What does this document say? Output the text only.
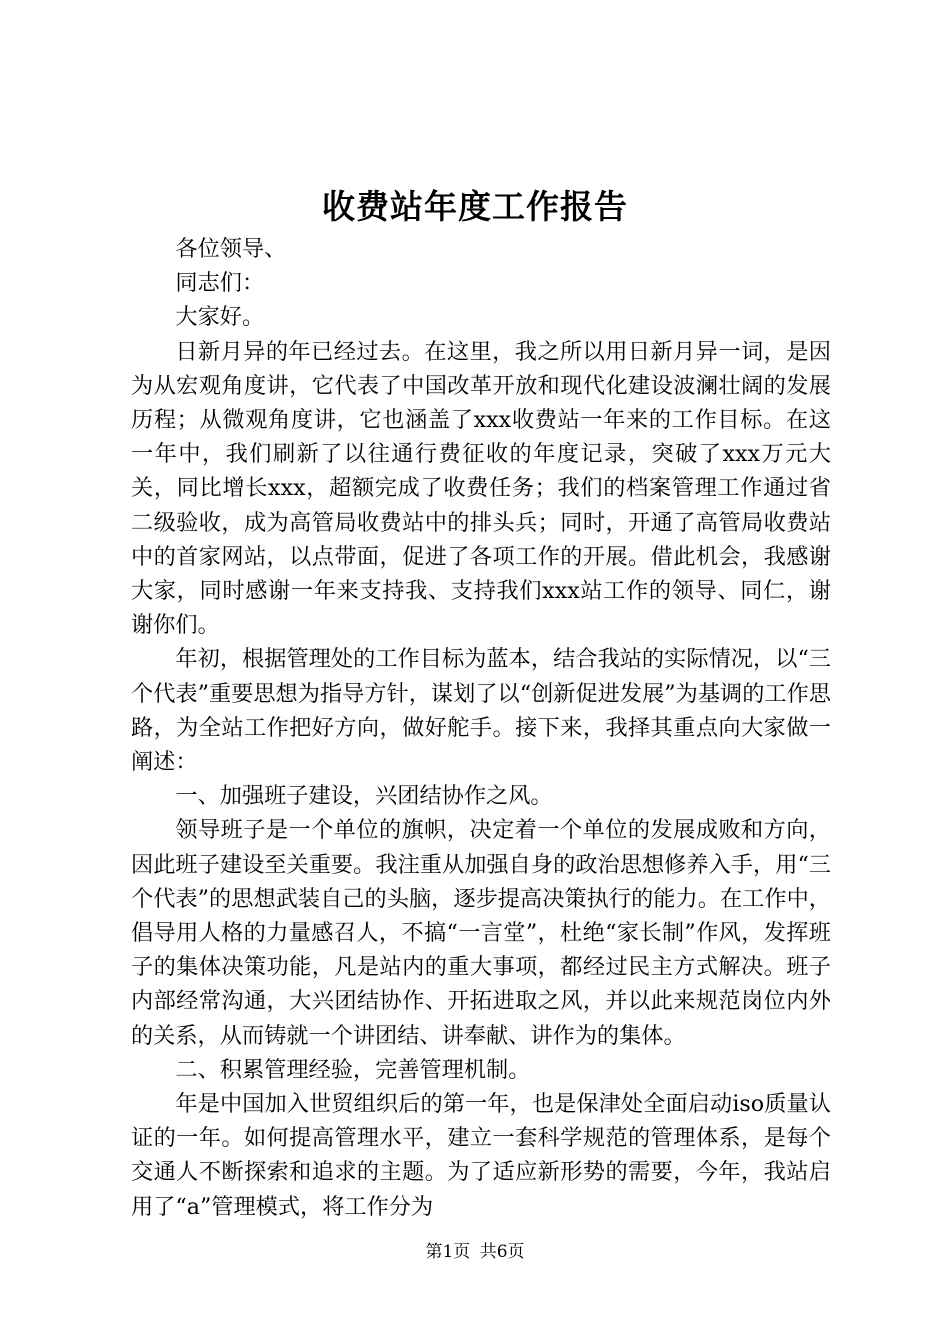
收费站年度工作报告

各位领导、

同志们：

大家好。

日新月异的年已经过去。在这里，我之所以用日新月异一词，是因为从宏观角度讲，它代表了中国改革开放和现代化建设波澜壮阔的发展历程；从微观角度讲，它也涵盖了xxx收费站一年来的工作目标。在这一年中，我们刷新了以往通行费征收的年度记录，突破了xxx万元大关，同比增长xxx，超额完成了收费任务；我们的档案管理工作通过省二级验收，成为高管局收费站中的排头兵；同时，开通了高管局收费站中的首家网站，以点带面，促进了各项工作的开展。借此机会，我感谢大家，同时感谢一年来支持我、支持我们xxx站工作的领导、同仁，谢谢你们。

年初，根据管理处的工作目标为蓝本，结合我站的实际情况，以“三个代表”重要思想为指导方针，谋划了以“创新促进发展”为基调的工作思路，为全站工作把好方向，做好舵手。接下来，我择其重点向大家做一阐述：

一、加强班子建设，兴团结协作之风。

领导班子是一个单位的旗帜，决定着一个单位的发展成败和方向，因此班子建设至关重要。我注重从加强自身的政治思想修养入手，用“三个代表”的思想武装自己的头脑，逐步提高决策执行的能力。在工作中，倡导用人格的力量感召人，不搞“一言堂”，杜绝“家长制”作风，发挥班子的集体决策功能，凡是站内的重大事项，都经过民主方式解决。班子内部经常沟通，大兴团结协作、开拓进取之风，并以此来规范岗位内外的关系，从而铸就一个讲团结、讲奉献、讲作为的集体。

二、积累管理经验，完善管理机制。

年是中国加入世贸组织后的第一年，也是保津处全面启动iso质量认证的一年。如何提高管理水平，建立一套科学规范的管理体系，是每个交通人不断探索和追求的主题。为了适应新形势的需要，今年，我站启用了“a”管理模式，将工作分为

第1页 共6页
